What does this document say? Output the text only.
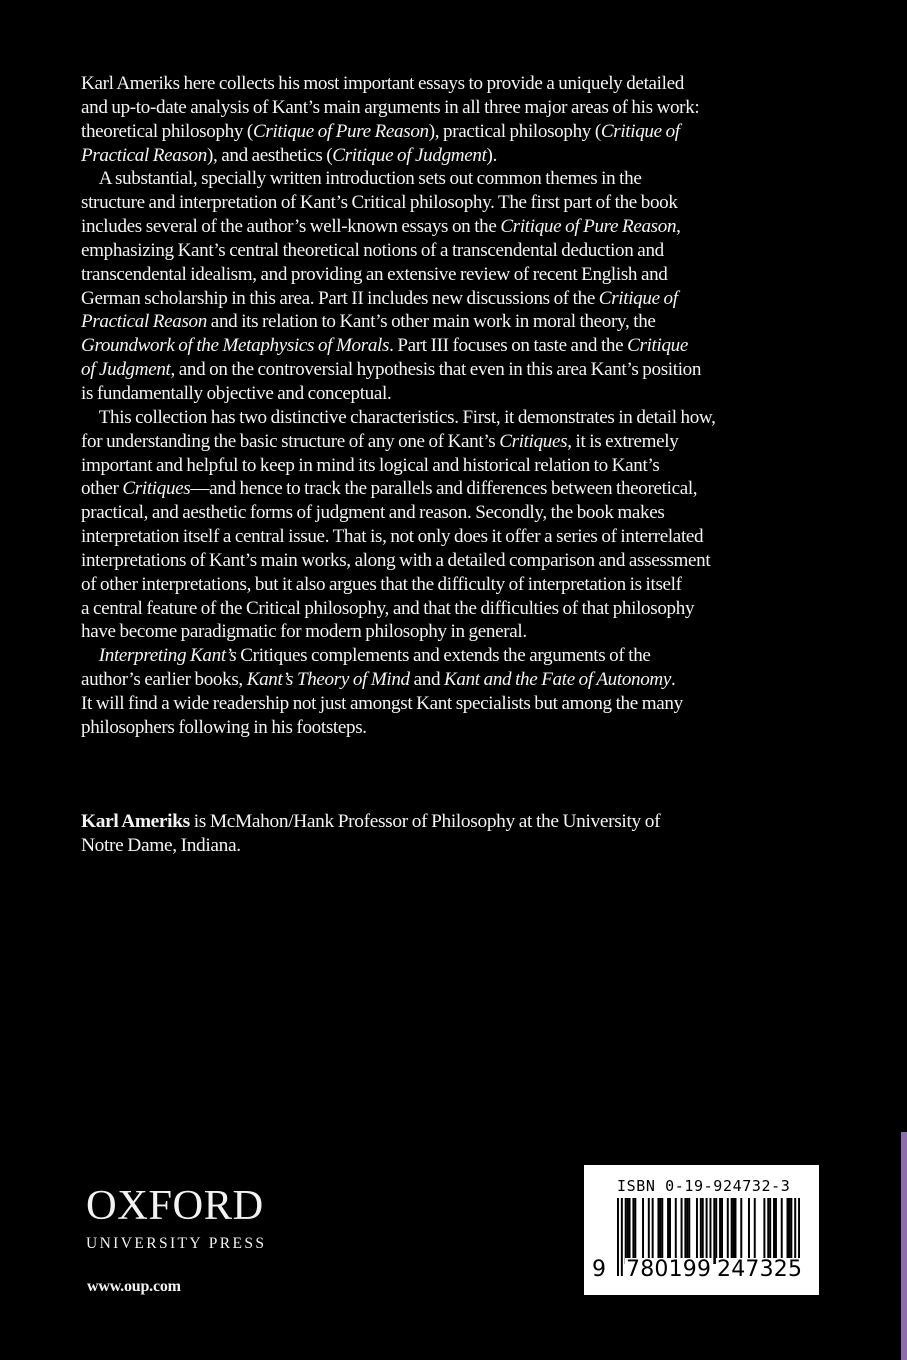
Karl Ameriks here collects his most important essays to provide a uniquely detailed
and up-to-date analysis of Kant’s main arguments in all three major areas of his work:
theoretical philosophy (Critique of Pure Reason), practical philosophy (Critique of
Practical Reason), and aesthetics (Critique of Judgment).

A substantial, specially written introduction sets out common themes in the
structure and interpretation of Kant’s Critical philosophy. The first part of the book
includes several of the author’s well-known essays on the Critique of Pure Reason,
emphasizing Kant’s central theoretical notions of a transcendental deduction and
transcendental idealism, and providing an extensive review of recent English and
German scholarship in this area. Part II includes new discussions of the Critique of
Practical Reason and its relation to Kant’s other main work in moral theory, the
Groundwork of the Metaphysics of Morals. Part III focuses on taste and the Critique
of Judgment, and on the controversial hypothesis that even in this area Kant’s position
is fundamentally objective and conceptual.

This collection has two distinctive characteristics. First, it demonstrates in detail how,
for understanding the basic structure of any one of Kant’s Critiques, it is extremely
important and helpful to keep in mind its logical and historical relation to Kant’s
other Critiques—and hence to track the parallels and differences between theoretical,
practical, and aesthetic forms of judgment and reason. Secondly, the book makes
interpretation itself a central issue. That is, not only does it offer a series of interrelated
interpretations of Kant’s main works, along with a detailed comparison and assessment
of other interpretations, but it also argues that the difficulty of interpretation is itself
a central feature of the Critical philosophy, and that the difficulties of that philosophy
have become paradigmatic for modern philosophy in general.

Interpreting Kant’s Critiques complements and extends the arguments of the
author’s earlier books, Kant’s Theory of Mind and Kant and the Fate of Autonomy.
It will find a wide readership not just amongst Kant specialists but among the many
philosophers following in his footsteps.

Karl Ameriks is McMahon/Hank Professor of Philosophy at the University of
Notre Dame, Indiana.
OXFORD
UNIVERSITY PRESS
www.oup.com
ISBN 0-19-924732-3
9 780199 247325
